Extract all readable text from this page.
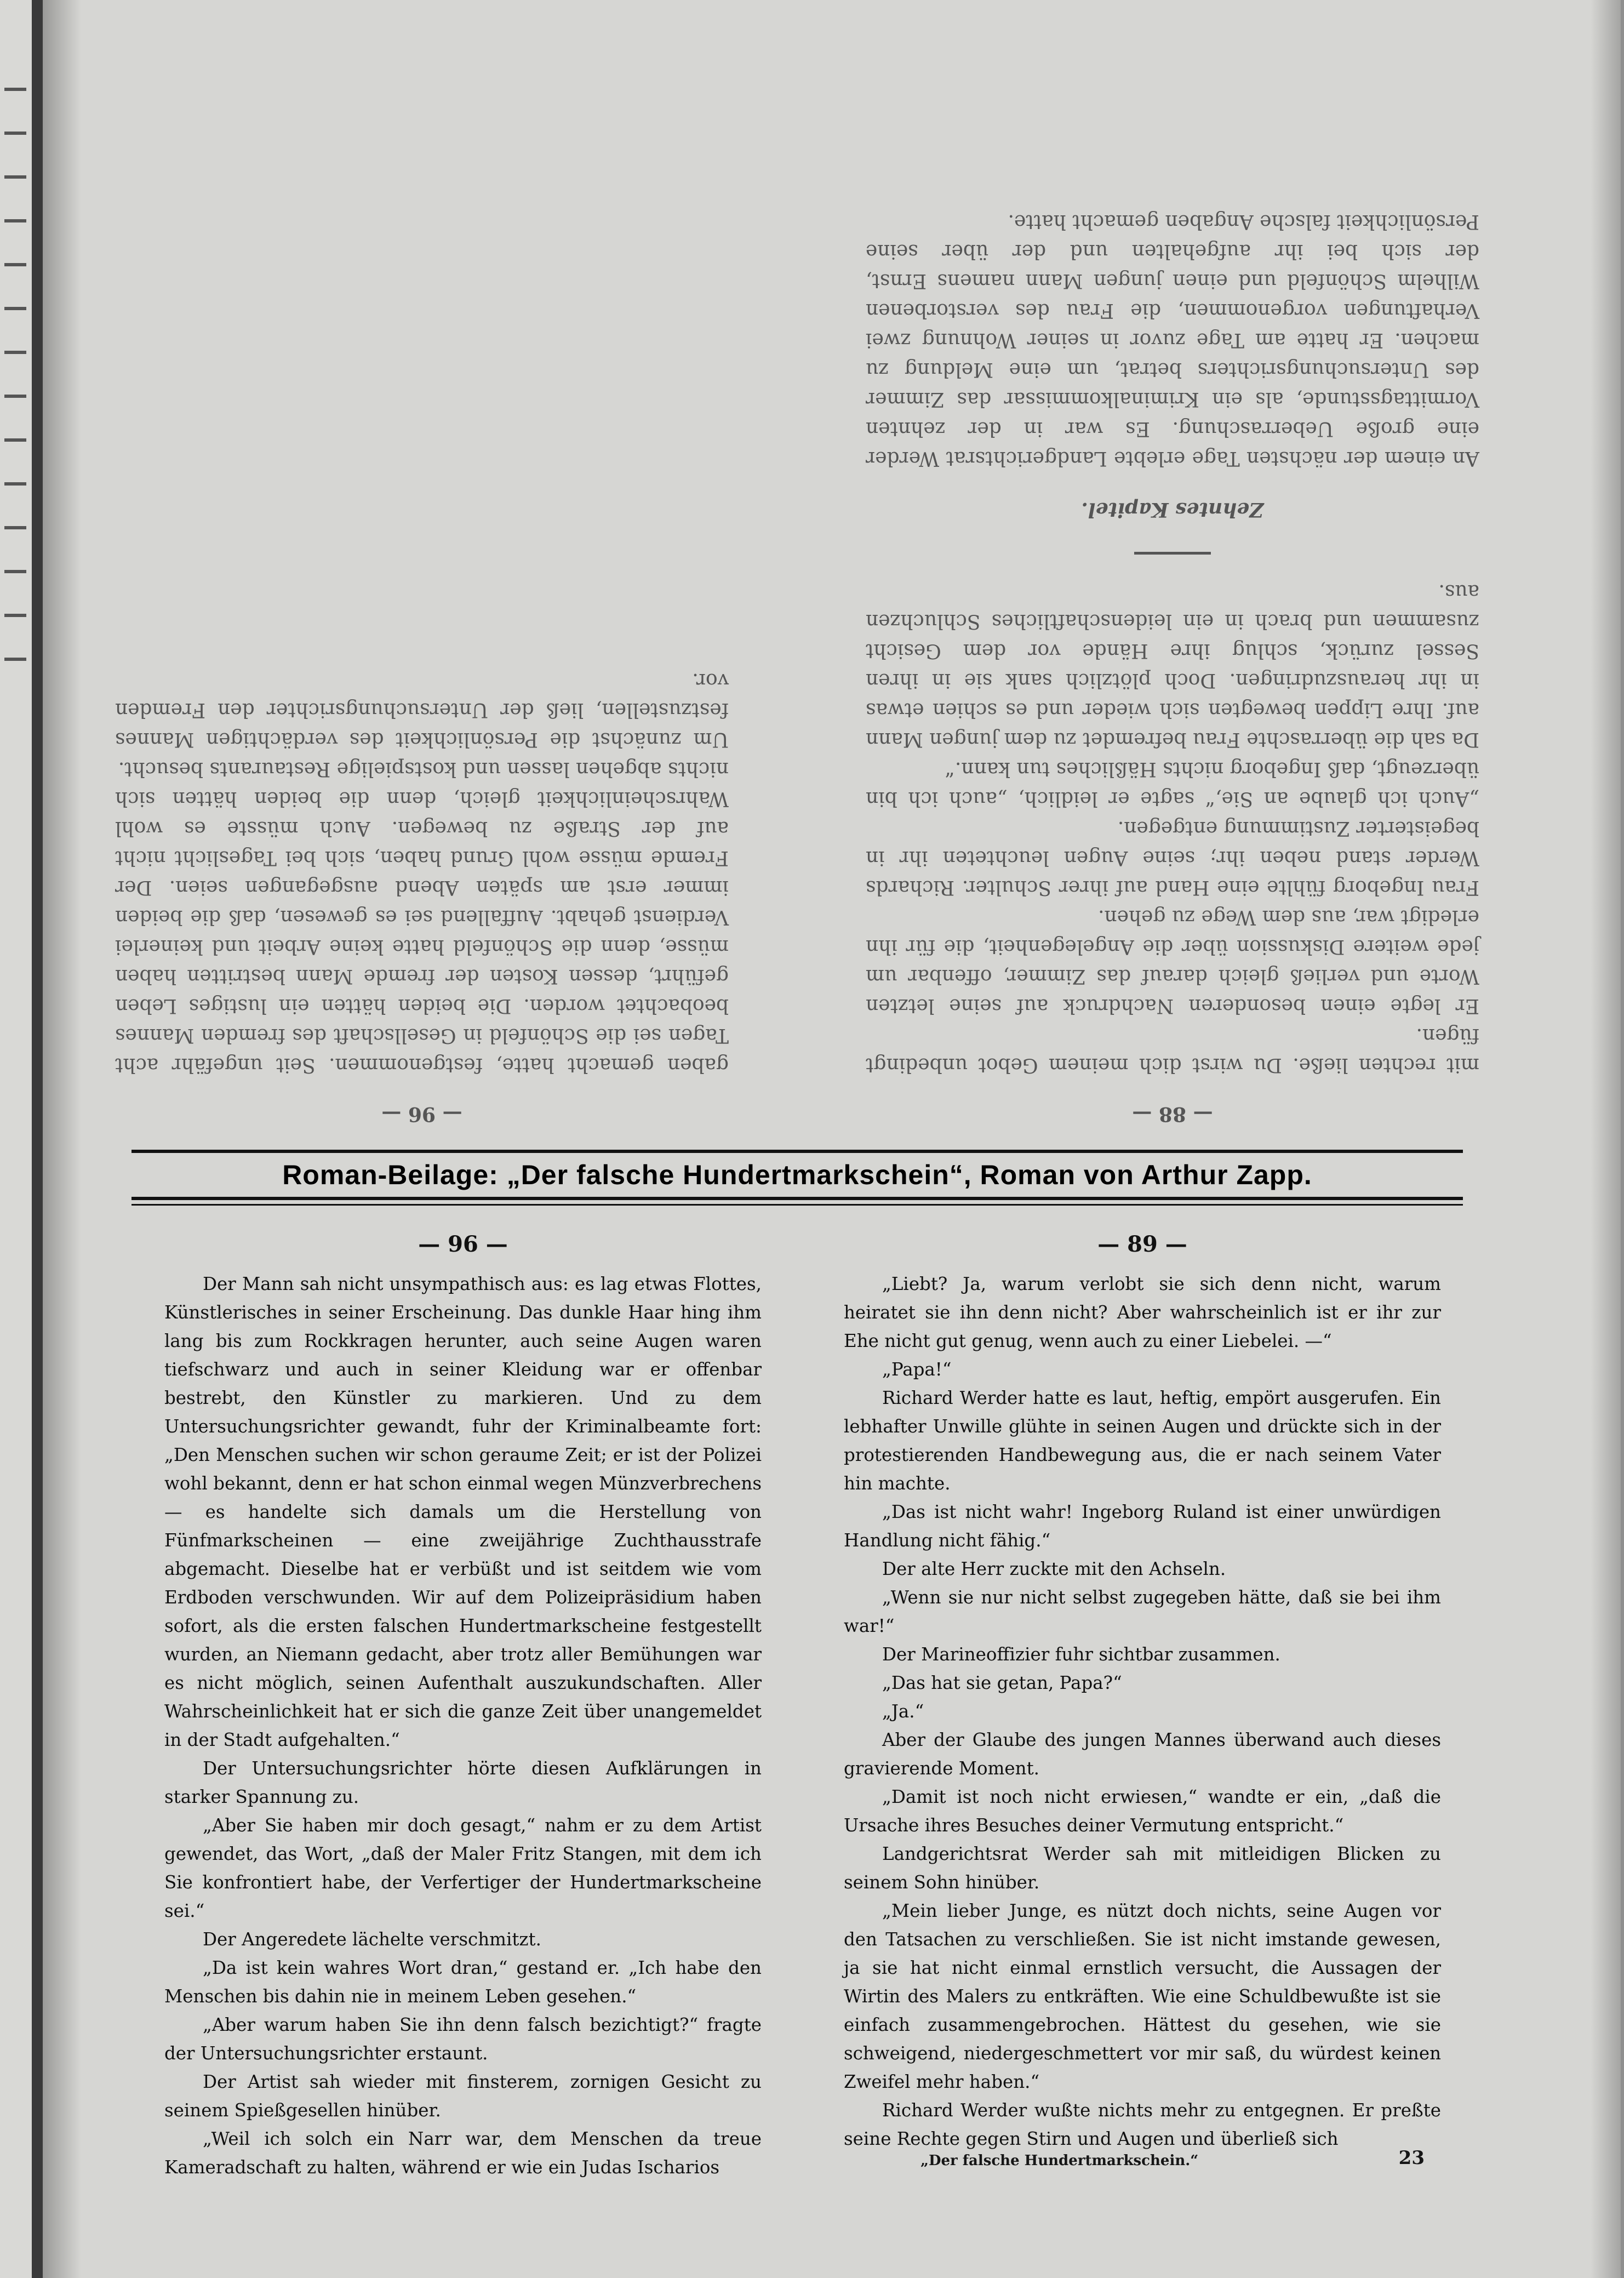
— 88 —

mit rechten ließe. Du wirst dich meinem Gebot unbedingt fügen.

Er legte einen besonderen Nachdruck auf seine letzten Worte und verließ gleich darauf das Zimmer, offenbar um jede weitere Diskussion über die Angelegenheit, die für ihn erledigt war, aus dem Wege zu gehen.

Frau Ingeborg fühlte eine Hand auf ihrer Schulter. Richards Werder stand neben ihr; seine Augen leuchteten ihr in begeisterter Zustimmung entgegen.

„Auch ich glaube an Sie,“ sagte er leidlich, „auch ich bin überzeugt, daß Ingeborg nichts Häßliches tun kann.“

Da sah die überraschte Frau befremdet zu dem jungen Mann auf. Ihre Lippen bewegten sich wieder und es schien etwas in ihr herauszudringen. Doch plötzlich sank sie in ihren Sessel zurück, schlug ihre Hände vor dem Gesicht zusammen und brach in ein leidenschaftliches Schluchzen aus.

Zehntes Kapitel.

An einem der nächsten Tage erlebte Landgerichtsrat Werder eine große Ueberraschung. Es war in der zehnten Vormittagsstunde, als ein Kriminalkommissar das Zimmer des Untersuchungsrichters betrat, um eine Meldung zu machen. Er hatte am Tage zuvor in seiner Wohnung zwei Verhaftungen vorgenommen, die Frau des verstorbenen Wilhelm Schönfeld und einen jungen Mann namens Ernst, der sich bei ihr aufgehalten und der über seine Persönlichkeit falsche Angaben gemacht hatte.

— 96 —

gaben gemacht hatte, festgenommen. Seit ungefähr acht Tagen sei die Schönfeld in Gesellschaft des fremden Mannes beobachtet worden. Die beiden hätten ein lustiges Leben geführt, dessen Kosten der fremde Mann bestritten haben müsse, denn die Schönfeld hatte keine Arbeit und keinerlei Verdienst gehabt. Auffallend sei es gewesen, daß die beiden immer erst am späten Abend ausgegangen seien. Der Fremde müsse wohl Grund haben, sich bei Tageslicht nicht auf der Straße zu bewegen. Auch müsste es wohl Wahrscheinlichkeit gleich, denn die beiden hätten sich nichts abgehen lassen und kostspielige Restaurants besucht.

Um zunächst die Persönlichkeit des verdächtigen Mannes festzustellen, ließ der Untersuchungsrichter den Fremden vor.

Roman-Beilage: „Der falsche Hundertmarkschein“, Roman von Arthur Zapp.
— 96 —

Der Mann sah nicht unsympathisch aus: es lag etwas Flottes, Künstlerisches in seiner Erscheinung. Das dunkle Haar hing ihm lang bis zum Rockkragen herunter, auch seine Augen waren tiefschwarz und auch in seiner Kleidung war er offenbar bestrebt, den Künstler zu markieren. Und zu dem Untersuchungsrichter gewandt, fuhr der Kriminalbeamte fort: „Den Menschen suchen wir schon geraume Zeit; er ist der Polizei wohl bekannt, denn er hat schon einmal wegen Münzverbrechens — es handelte sich damals um die Herstellung von Fünfmarkscheinen — eine zweijährige Zuchthausstrafe abgemacht. Dieselbe hat er verbüßt und ist seitdem wie vom Erdboden verschwunden. Wir auf dem Polizeipräsidium haben sofort, als die ersten falschen Hundertmarkscheine festgestellt wurden, an Niemann gedacht, aber trotz aller Bemühungen war es nicht möglich, seinen Aufenthalt auszukundschaften. Aller Wahrscheinlichkeit hat er sich die ganze Zeit über unangemeldet in der Stadt aufgehalten.“

Der Untersuchungsrichter hörte diesen Aufklärungen in starker Spannung zu.

„Aber Sie haben mir doch gesagt,“ nahm er zu dem Artist gewendet, das Wort, „daß der Maler Fritz Stangen, mit dem ich Sie konfrontiert habe, der Verfertiger der Hundertmarkscheine sei.“

Der Angeredete lächelte verschmitzt.

„Da ist kein wahres Wort dran,“ gestand er. „Ich habe den Menschen bis dahin nie in meinem Leben gesehen.“

„Aber warum haben Sie ihn denn falsch bezichtigt?“ fragte der Untersuchungsrichter erstaunt.

Der Artist sah wieder mit finsterem, zornigen Gesicht zu seinem Spießgesellen hinüber.

„Weil ich solch ein Narr war, dem Menschen da treue Kameradschaft zu halten, während er wie ein Judas Ischarios

— 89 —

„Liebt? Ja, warum verlobt sie sich denn nicht, warum heiratet sie ihn denn nicht? Aber wahrscheinlich ist er ihr zur Ehe nicht gut genug, wenn auch zu einer Liebelei. —“

„Papa!“

Richard Werder hatte es laut, heftig, empört ausgerufen. Ein lebhafter Unwille glühte in seinen Augen und drückte sich in der protestierenden Handbewegung aus, die er nach seinem Vater hin machte.

„Das ist nicht wahr! Ingeborg Ruland ist einer unwürdigen Handlung nicht fähig.“

Der alte Herr zuckte mit den Achseln.

„Wenn sie nur nicht selbst zugegeben hätte, daß sie bei ihm war!“

Der Marineoffizier fuhr sichtbar zusammen.

„Das hat sie getan, Papa?“

„Ja.“

Aber der Glaube des jungen Mannes überwand auch dieses gravierende Moment.

„Damit ist noch nicht erwiesen,“ wandte er ein, „daß die Ursache ihres Besuches deiner Vermutung entspricht.“

Landgerichtsrat Werder sah mit mitleidigen Blicken zu seinem Sohn hinüber.

„Mein lieber Junge, es nützt doch nichts, seine Augen vor den Tatsachen zu verschließen. Sie ist nicht imstande gewesen, ja sie hat nicht einmal ernstlich versucht, die Aussagen der Wirtin des Malers zu entkräften. Wie eine Schuldbewußte ist sie einfach zusammengebrochen. Hättest du gesehen, wie sie schweigend, niedergeschmettert vor mir saß, du würdest keinen Zweifel mehr haben.“

Richard Werder wußte nichts mehr zu entgegnen. Er preßte seine Rechte gegen Stirn und Augen und überließ sich

„Der falsche Hundertmarkschein.“	23
